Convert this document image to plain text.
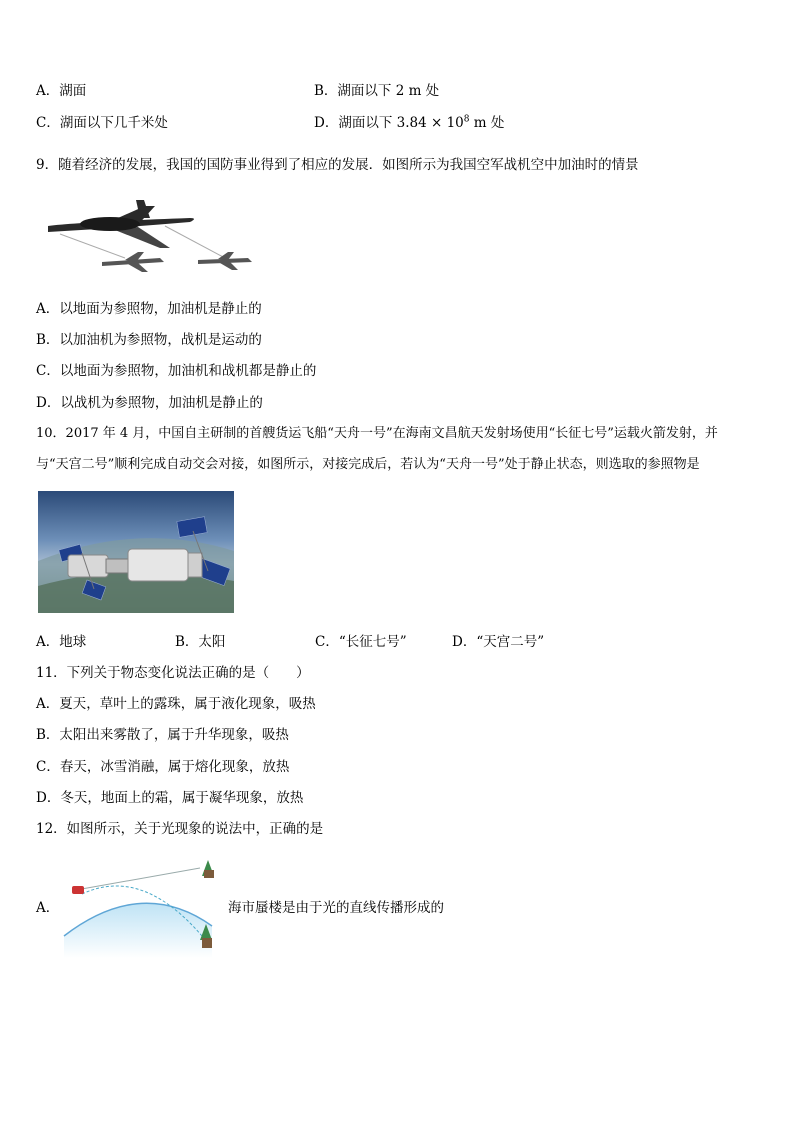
A．湖面	B．湖面以下 2 m 处
C．湖面以下几千米处	D．湖面以下 $3.84 \times 10^8$ m 处
9．随着经济的发展，我国的国防事业得到了相应的发展．如图所示为我国空军战机空中加油时的情景
A．以地面为参照物，加油机是静止的
B．以加油机为参照物，战机是运动的
C．以地面为参照物，加油机和战机都是静止的
D．以战机为参照物，加油机是静止的
10．2017 年 4 月，中国自主研制的首艘货运飞船“天舟一号”在海南文昌航天发射场使用“长征七号”运载火箭发射，并
与“天宫二号”顺利完成自动交会对接，如图所示，对接完成后，若认为“天舟一号”处于静止状态，则选取的参照物是
A．地球	B．太阳	C．“长征七号”	D．“天宫二号”
11．下列关于物态变化说法正确的是（　　）
A．夏天，草叶上的露珠，属于液化现象，吸热
B．太阳出来雾散了，属于升华现象，吸热
C．春天，冰雪消融，属于熔化现象，放热
D．冬天，地面上的霜，属于凝华现象，放热
12．如图所示，关于光现象的说法中，正确的是
A．	海市蜃楼是由于光的直线传播形成的
